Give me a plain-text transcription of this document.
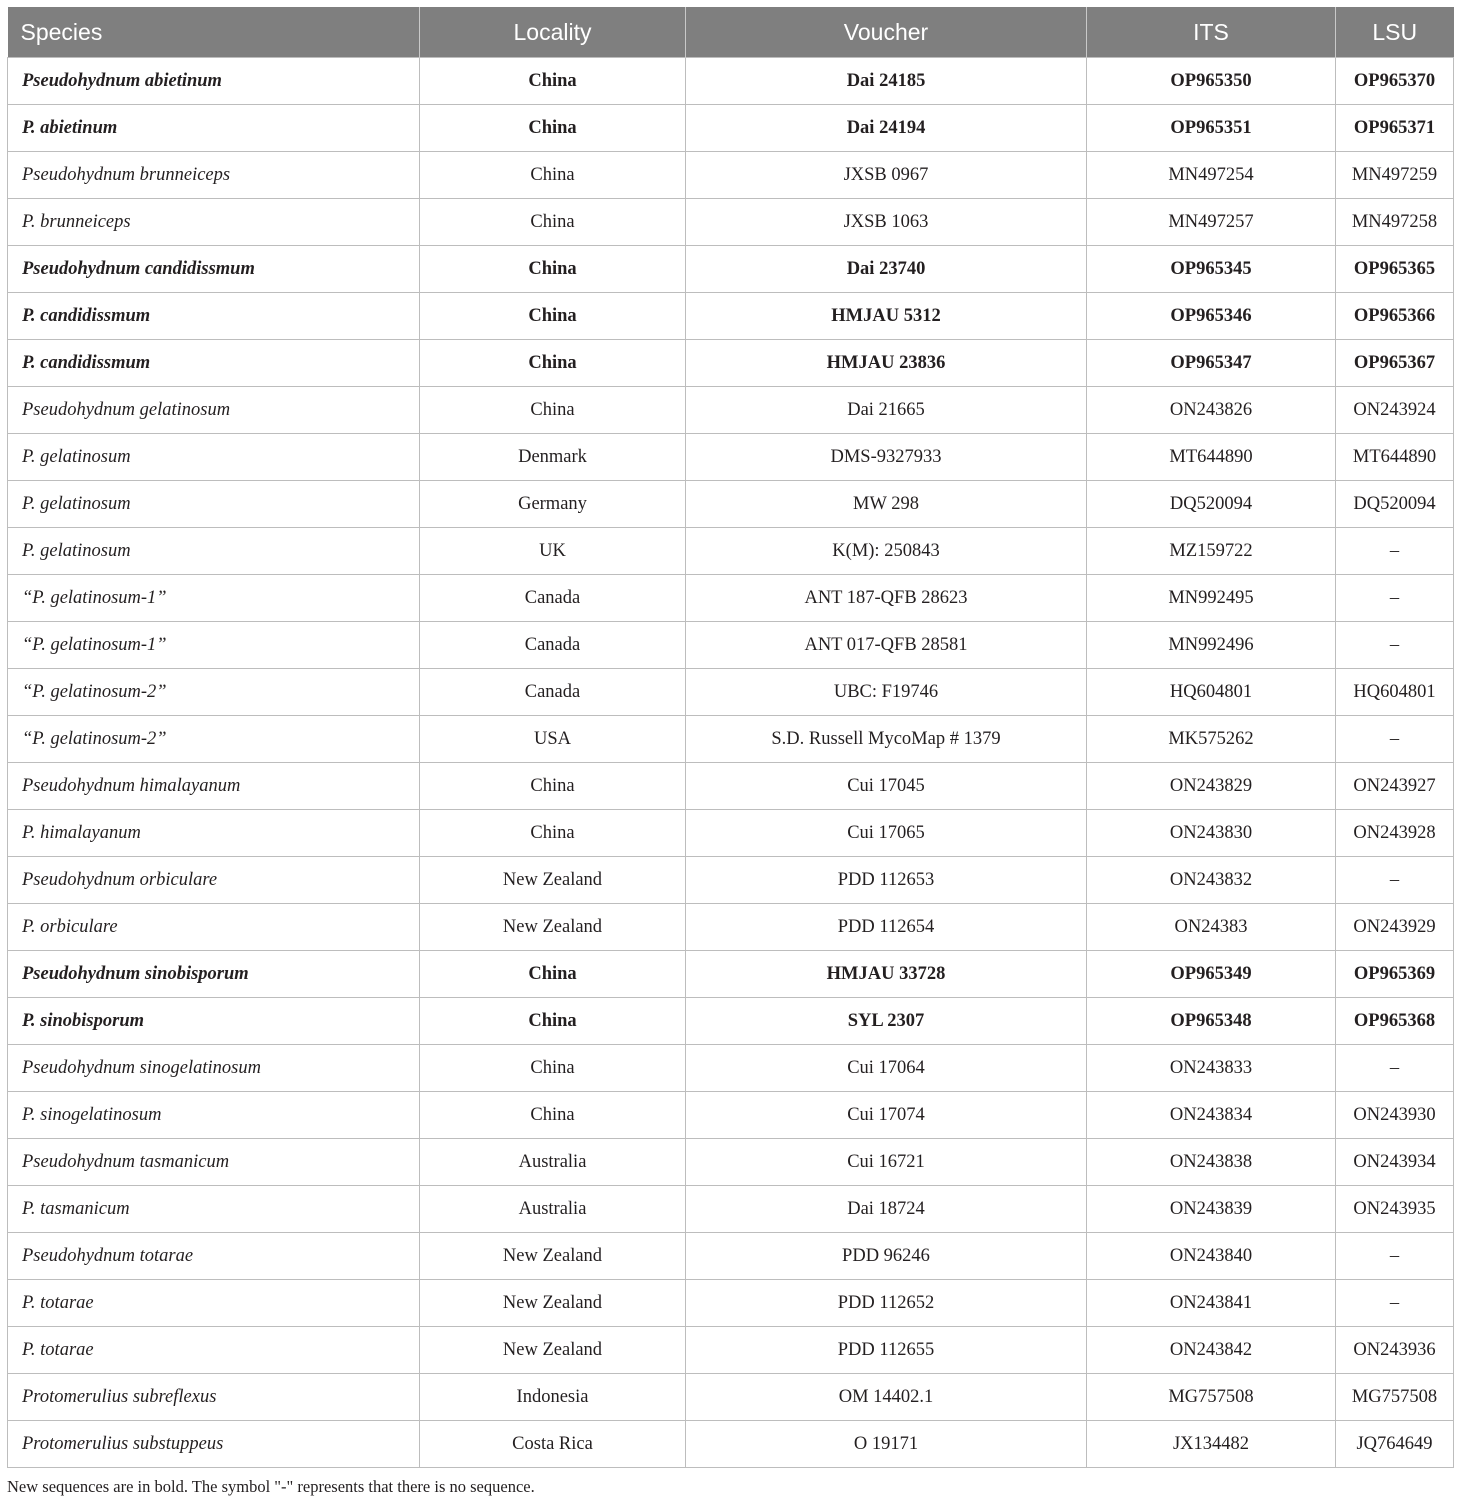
Species	Locality	Voucher	ITS	LSU
Pseudohydnum abietinum	China	Dai 24185	OP965350	OP965370
P. abietinum	China	Dai 24194	OP965351	OP965371
Pseudohydnum brunneiceps	China	JXSB 0967	MN497254	MN497259
P. brunneiceps	China	JXSB 1063	MN497257	MN497258
Pseudohydnum candidissmum	China	Dai 23740	OP965345	OP965365
P. candidissmum	China	HMJAU 5312	OP965346	OP965366
P. candidissmum	China	HMJAU 23836	OP965347	OP965367
Pseudohydnum gelatinosum	China	Dai 21665	ON243826	ON243924
P. gelatinosum	Denmark	DMS-9327933	MT644890	MT644890
P. gelatinosum	Germany	MW 298	DQ520094	DQ520094
P. gelatinosum	UK	K(M): 250843	MZ159722	–
“P. gelatinosum-1”	Canada	ANT 187-QFB 28623	MN992495	–
“P. gelatinosum-1”	Canada	ANT 017-QFB 28581	MN992496	–
“P. gelatinosum-2”	Canada	UBC: F19746	HQ604801	HQ604801
“P. gelatinosum-2”	USA	S.D. Russell MycoMap # 1379	MK575262	–
Pseudohydnum himalayanum	China	Cui 17045	ON243829	ON243927
P. himalayanum	China	Cui 17065	ON243830	ON243928
Pseudohydnum orbiculare	New Zealand	PDD 112653	ON243832	–
P. orbiculare	New Zealand	PDD 112654	ON24383	ON243929
Pseudohydnum sinobisporum	China	HMJAU 33728	OP965349	OP965369
P. sinobisporum	China	SYL 2307	OP965348	OP965368
Pseudohydnum sinogelatinosum	China	Cui 17064	ON243833	–
P. sinogelatinosum	China	Cui 17074	ON243834	ON243930
Pseudohydnum tasmanicum	Australia	Cui 16721	ON243838	ON243934
P. tasmanicum	Australia	Dai 18724	ON243839	ON243935
Pseudohydnum totarae	New Zealand	PDD 96246	ON243840	–
P. totarae	New Zealand	PDD 112652	ON243841	–
P. totarae	New Zealand	PDD 112655	ON243842	ON243936
Protomerulius subreflexus	Indonesia	OM 14402.1	MG757508	MG757508
Protomerulius substuppeus	Costa Rica	O 19171	JX134482	JQ764649
New sequences are in bold. The symbol "-" represents that there is no sequence.
